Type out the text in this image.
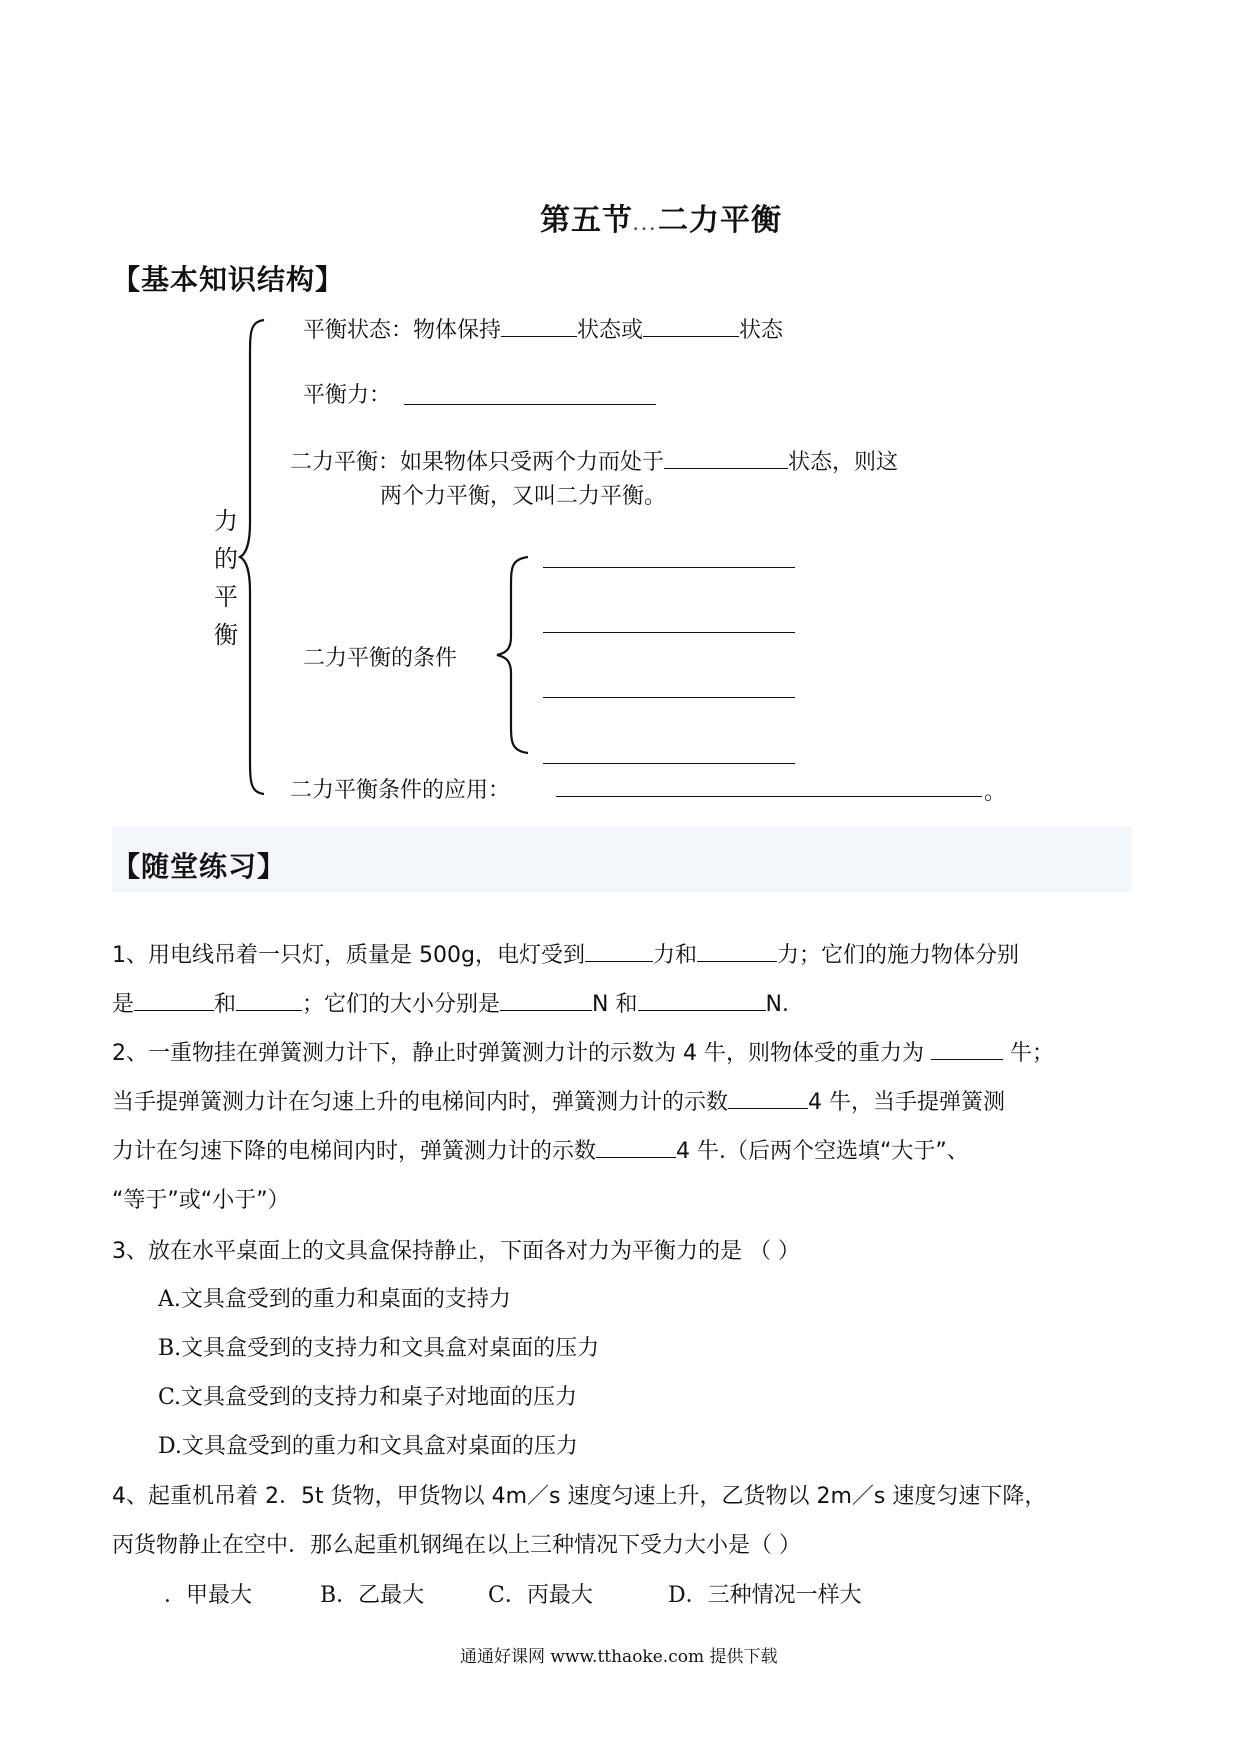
第五节...二力平衡
【基本知识结构】
力
的
平
衡
平衡状态：物体保持	状态或	状态
平衡力：
二力平衡：如果物体只受两个力而处于	状态，则这
两个力平衡，又叫二力平衡。
二力平衡的条件
二力平衡条件的应用：	。
【随堂练习】
1、用电线吊着一只灯，质量是 500g，电灯受到	力和	力；它们的施力物体分别
是	和	；它们的大小分别是	N 和	N.
2、一重物挂在弹簧测力计下，静止时弹簧测力计的示数为 4 牛，则物体受的重力为	牛；
当手提弹簧测力计在匀速上升的电梯间内时，弹簧测力计的示数	4 牛，当手提弹簧测
力计在匀速下降的电梯间内时，弹簧测力计的示数	4 牛.（后两个空选填“大于”、
“等于”或“小于”）
3、放在水平桌面上的文具盒保持静止，下面各对力为平衡力的是 （ ）
A.文具盒受到的重力和桌面的支持力
B.文具盒受到的支持力和文具盒对桌面的压力
C.文具盒受到的支持力和桌子对地面的压力
D.文具盒受到的重力和文具盒对桌面的压力
4、起重机吊着 2．5t 货物，甲货物以 4m／s 速度匀速上升，乙货物以 2m／s 速度匀速下降，
丙货物静止在空中．那么起重机钢绳在以上三种情况下受力大小是（ ）
．甲最大	B．乙最大	C．丙最大	D．三种情况一样大
通通好课网 www.tthaoke.com 提供下载
